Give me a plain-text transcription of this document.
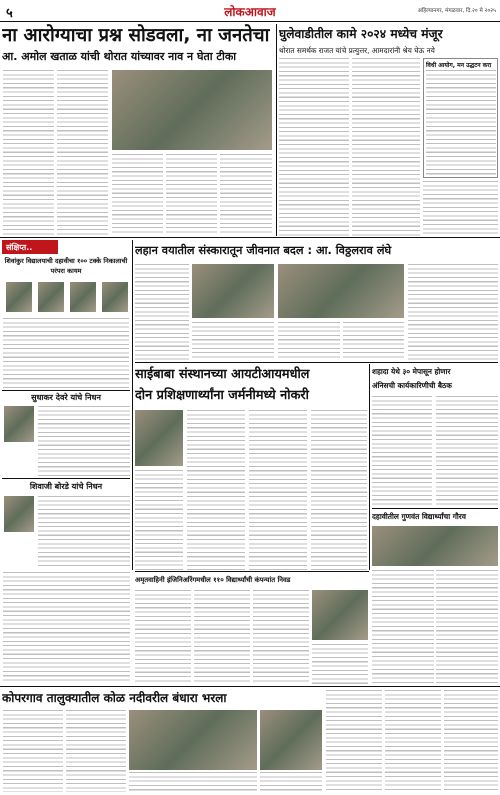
५	लोकआवाज	अहिल्यानगर, मंगळवार, दि.२० मे २०२५
ना आरोग्याचा प्रश्न सोडवला, ना जनतेचा
आ. अमोल खताळ यांची थोरात यांच्यावर नाव न घेता टीका
घुलेवाडीतील कामे २०२४ मध्येच मंजूर
थोरात समर्थक राजत यांचे प्रत्युत्तर, आमदारांनी श्रेय घेऊ नये
विधी आयोग, मन उद्धटन करा
संक्षिप्त..
शिवांकुर विद्यालयाची दहावीचा १०० टक्के निकालाची परंपरा कायम
सुधाकर देवरे यांचे निधन
शिवाजी बोरडे यांचे निधन
लहान वयातील संस्कारातून जीवनात बदल : आ. विठ्ठलराव लंघे
साईबाबा संस्थानच्या आयटीआयमधील
दोन प्रशिक्षणार्थ्यांना जर्मनीमध्ये नोकरी
शहादा येथे ३० मेपासून होणार
अंनिसची कार्यकारिणीची बैठक
दहावीतील गुणवंत विद्यार्थ्यांचा गौरव
अमृतवाहिनी इंजिनिअरिंगमधील ११० विद्यार्थ्यांची कंपन्यांत निवड
कोपरगाव तालुक्यातील कोळ नदीवरील बंधारा भरला
